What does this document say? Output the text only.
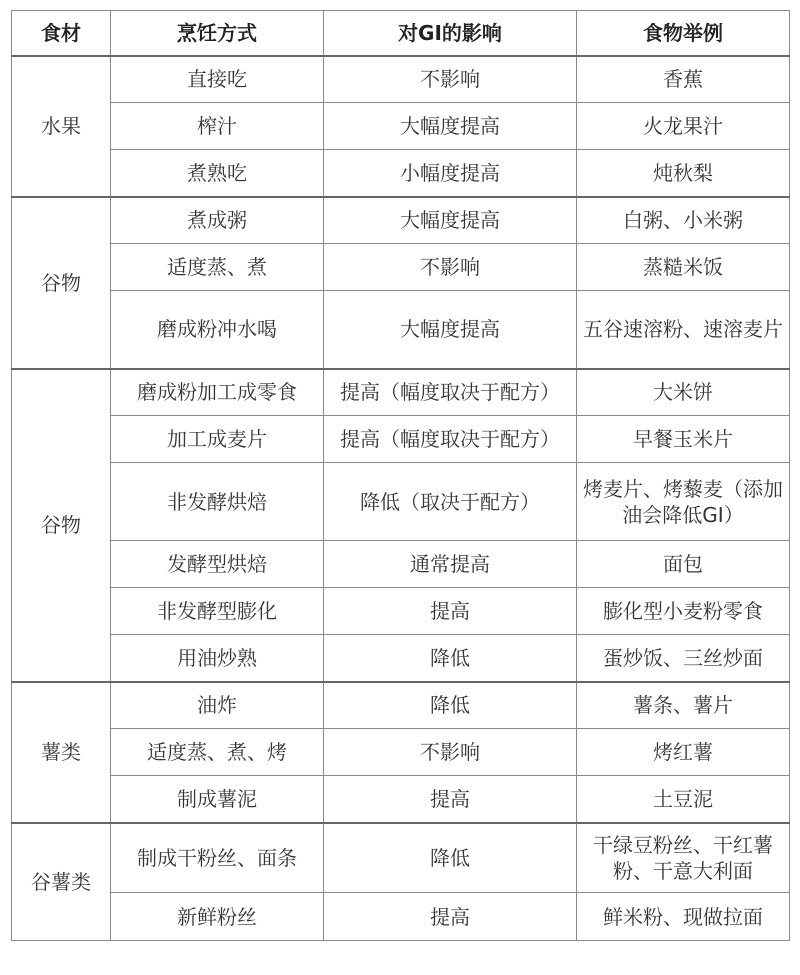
食材	烹饪方式	对GI的影响	食物举例
水果	直接吃	不影响	香蕉
	榨汁	大幅度提高	火龙果汁
	煮熟吃	小幅度提高	炖秋梨
谷物	煮成粥	大幅度提高	白粥、小米粥
	适度蒸、煮	不影响	蒸糙米饭
	磨成粉冲水喝	大幅度提高	五谷速溶粉、速溶麦片
谷物	磨成粉加工成零食	提高（幅度取决于配方）	大米饼
	加工成麦片	提高（幅度取决于配方）	早餐玉米片
	非发酵烘焙	降低（取决于配方）	烤麦片、烤藜麦（添加油会降低GI）
	发酵型烘焙	通常提高	面包
	非发酵型膨化	提高	膨化型小麦粉零食
	用油炒熟	降低	蛋炒饭、三丝炒面
薯类	油炸	降低	薯条、薯片
	适度蒸、煮、烤	不影响	烤红薯
	制成薯泥	提高	土豆泥
谷薯类	制成干粉丝、面条	降低	干绿豆粉丝、干红薯粉、干意大利面
	新鲜粉丝	提高	鲜米粉、现做拉面
